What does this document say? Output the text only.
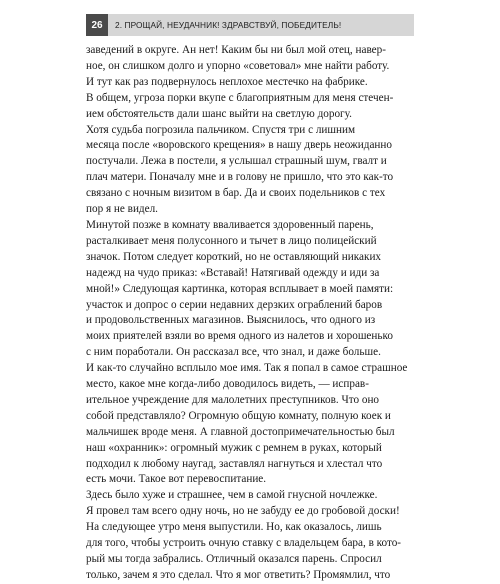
26	2. ПРОЩАЙ, НЕУДАЧНИК! ЗДРАВСТВУЙ, ПОБЕДИТЕЛЬ!

заведений в округе. Ан нет! Каким бы ни был мой отец, навер-
ное, он слишком долго и упорно «советовал» мне найти работу.
И тут как раз подвернулось неплохое местечко на фабрике.
В общем, угроза порки вкупе с благоприятным для меня стечен-
ием обстоятельств дали шанс выйти на светлую дорогу.

Хотя судьба погрозила пальчиком. Спустя три с лишним
месяца после «воровского крещения» в нашу дверь неожиданно
постучали. Лежа в постели, я услышал страшный шум, гвалт и
плач матери. Поначалу мне и в голову не пришло, что это как-то
связано с ночным визитом в бар. Да и своих подельников с тех
пор я не видел.

Минутой позже в комнату вваливается здоровенный парень,
расталкивает меня полусонного и тычет в лицо полицейский
значок. Потом следует короткий, но не оставляющий никаких
надежд на чудо приказ: «Вставай! Натягивай одежду и иди за
мной!» Следующая картинка, которая всплывает в моей памяти:
участок и допрос о серии недавних дерзких ограблений баров
и продовольственных магазинов. Выяснилось, что одного из
моих приятелей взяли во время одного из налетов и хорошенько
с ним поработали. Он рассказал все, что знал, и даже больше.
И как-то случайно всплыло мое имя. Так я попал в самое страшное
место, какое мне когда-либо доводилось видеть, — исправ-
ительное учреждение для малолетних преступников. Что оно
собой представляло? Огромную общую комнату, полную коек и
мальчишек вроде меня. А главной достопримечательностью был
наш «охранник»: огромный мужик с ремнем в руках, который
подходил к любому наугад, заставлял нагнуться и хлестал что
есть мочи. Такое вот перевоспитание.

Здесь было хуже и страшнее, чем в самой гнусной ночлежке.
Я провел там всего одну ночь, но не забуду ее до гробовой доски!
На следующее утро меня выпустили. Но, как оказалось, лишь
для того, чтобы устроить очную ставку с владельцем бара, в кото-
рый мы тогда забрались. Отличный оказался парень. Спросил
только, зачем я это сделал. Что я мог ответить? Промямлил, что
